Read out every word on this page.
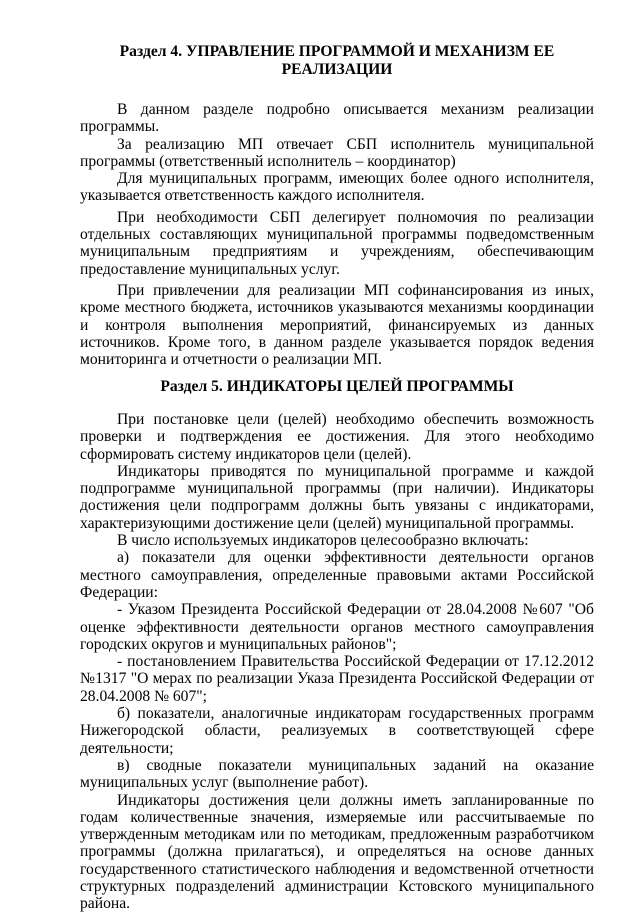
Раздел 4. УПРАВЛЕНИЕ ПРОГРАММОЙ И МЕХАНИЗМ ЕЕ
РЕАЛИЗАЦИИ

В данном разделе подробно описывается механизм реализации программы.

За реализацию МП отвечает СБП исполнитель муниципальной программы (ответственный исполнитель – координатор)

Для муниципальных программ, имеющих более одного исполнителя, указывается ответственность каждого исполнителя.

При необходимости СБП делегирует полномочия по реализации отдельных составляющих муниципальной программы подведомственным муниципальным предприятиям и учреждениям, обеспечивающим предоставление муниципальных услуг.

При привлечении для реализации МП софинансирования из иных, кроме местного бюджета, источников указываются механизмы координации и контроля выполнения мероприятий, финансируемых из данных источников. Кроме того, в данном разделе указывается порядок ведения мониторинга и отчетности о реализации МП.

Раздел 5. ИНДИКАТОРЫ ЦЕЛЕЙ ПРОГРАММЫ

При постановке цели (целей) необходимо обеспечить возможность проверки и подтверждения ее достижения. Для этого необходимо сформировать систему индикаторов цели (целей).

Индикаторы приводятся по муниципальной программе и каждой подпрограмме муниципальной программы (при наличии). Индикаторы достижения цели подпрограмм должны быть увязаны с индикаторами, характеризующими достижение цели (целей) муниципальной программы.

В число используемых индикаторов целесообразно включать:

а) показатели для оценки эффективности деятельности органов местного самоуправления, определенные правовыми актами Российской Федерации:

- Указом Президента Российской Федерации от 28.04.2008 №607 "Об оценке эффективности деятельности органов местного самоуправления городских округов и муниципальных районов";

- постановлением Правительства Российской Федерации от 17.12.2012 №1317 "О мерах по реализации Указа Президента Российской Федерации от 28.04.2008 № 607";

б) показатели, аналогичные индикаторам государственных программ Нижегородской области, реализуемых в соответствующей сфере деятельности;

в) сводные показатели муниципальных заданий на оказание муниципальных услуг (выполнение работ).

Индикаторы достижения цели должны иметь запланированные по годам количественные значения, измеряемые или рассчитываемые по утвержденным методикам или по методикам, предложенным разработчиком программы (должна прилагаться), и определяться на основе данных государственного статистического наблюдения и ведомственной отчетности структурных подразделений администрации Кстовского муниципального района.
